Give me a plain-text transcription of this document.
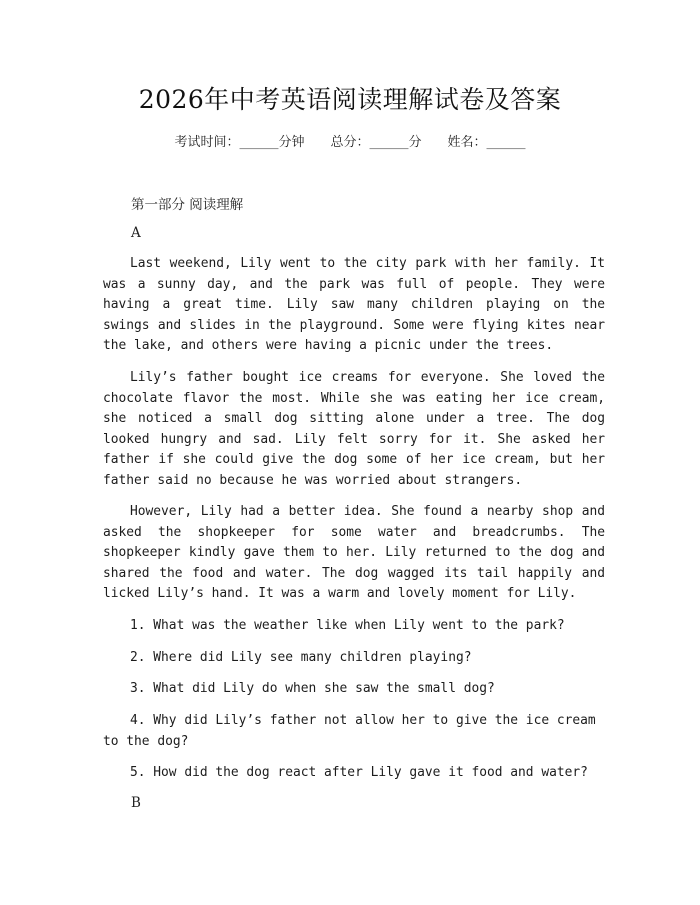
2026年中考英语阅读理解试卷及答案
考试时间：______分钟 总分：______分 姓名：______
第一部分 阅读理解
A

Last weekend, Lily went to the city park with her family. It was a sunny day, and the park was full of people. They were having a great time. Lily saw many children playing on the swings and slides in the playground. Some were flying kites near the lake, and others were having a picnic under the trees.

Lily’s father bought ice creams for everyone. She loved the chocolate flavor the most. While she was eating her ice cream, she noticed a small dog sitting alone under a tree. The dog looked hungry and sad. Lily felt sorry for it. She asked her father if she could give the dog some of her ice cream, but her father said no because he was worried about strangers.

However, Lily had a better idea. She found a nearby shop and asked the shopkeeper for some water and breadcrumbs. The shopkeeper kindly gave them to her. Lily returned to the dog and shared the food and water. The dog wagged its tail happily and licked Lily’s hand. It was a warm and lovely moment for Lily.

1. What was the weather like when Lily went to the park?

2. Where did Lily see many children playing?

3. What did Lily do when she saw the small dog?

4. Why did Lily’s father not allow her to give the ice cream to the dog?

5. How did the dog react after Lily gave it food and water?

B
